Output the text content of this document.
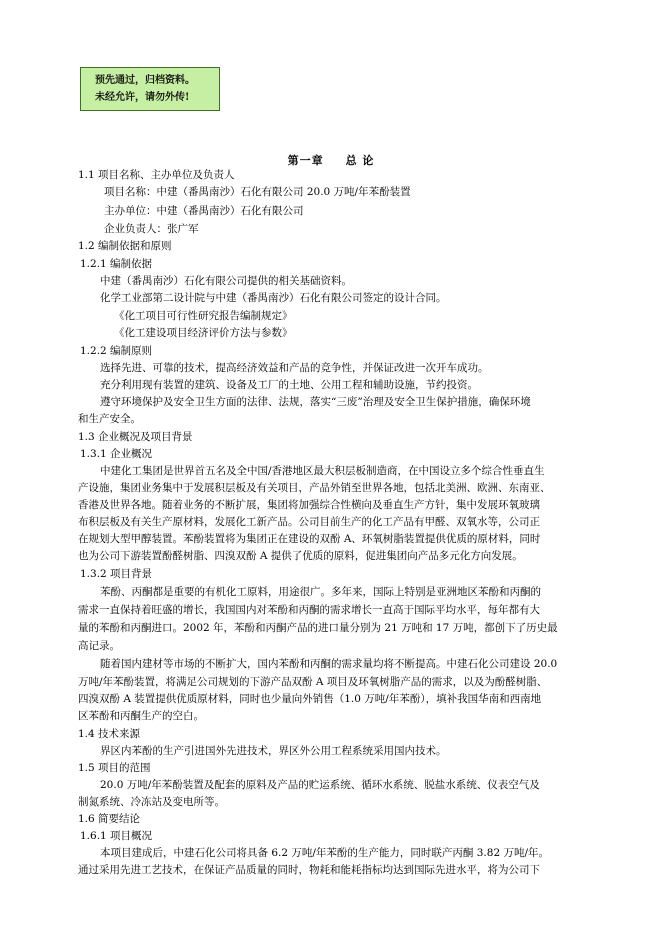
预先通过，归档资料。
未经允许，请勿外传!
第一章 总 论
1.1 项目名称、主办单位及负责人
项目名称：中建（番禺南沙）石化有限公司 20.0 万吨/年苯酚装置
主办单位：中建（番禺南沙）石化有限公司
企业负责人：张广军
1.2 编制依据和原则
1.2.1 编制依据
中建（番禺南沙）石化有限公司提供的相关基础资料。
化学工业部第二设计院与中建（番禺南沙）石化有限公司签定的设计合同。
《化工项目可行性研究报告编制规定》
《化工建设项目经济评价方法与参数》
1.2.2 编制原则
选择先进、可靠的技术，提高经济效益和产品的竞争性，并保证改进一次开车成功。
充分利用现有装置的建筑、设备及工厂的土地、公用工程和辅助设施，节约投资。
遵守环境保护及安全卫生方面的法律、法规，落实“三废”治理及安全卫生保护措施，确保环境
和生产安全。
1.3 企业概况及项目背景
1.3.1 企业概况
中建化工集团是世界首五名及全中国/香港地区最大积层板制造商，在中国设立多个综合性垂直生
产设施，集团业务集中于发展积层板及有关项目，产品外销至世界各地，包括北美洲、欧洲、东南亚、
香港及世界各地。随着业务的不断扩展，集团将加强综合性横向及垂直生产方针，集中发展环氧玻璃
布积层板及有关生产原材料，发展化工新产品。公司目前生产的化工产品有甲醛、双氧水等，公司正
在规划大型甲醇装置。苯酚装置将为集团正在建设的双酚 A、环氧树脂装置提供优质的原材料，同时
也为公司下游装置酚醛树脂、四溴双酚 A 提供了优质的原料，促进集团向产品多元化方向发展。
1.3.2 项目背景
苯酚、丙酮都是重要的有机化工原料，用途很广。多年来，国际上特别是亚洲地区苯酚和丙酮的
需求一直保持着旺盛的增长，我国国内对苯酚和丙酮的需求增长一直高于国际平均水平，每年都有大
量的苯酚和丙酮进口。2002 年，苯酚和丙酮产品的进口量分别为 21 万吨和 17 万吨，都创下了历史最
高记录。
随着国内建材等市场的不断扩大，国内苯酚和丙酮的需求量均将不断提高。中建石化公司建设 20.0
万吨/年苯酚装置，将满足公司规划的下游产品双酚 A 项目及环氧树脂产品的需求，以及为酚醛树脂、
四溴双酚 A 装置提供优质原材料，同时也少量向外销售（1.0 万吨/年苯酚），填补我国华南和西南地
区苯酚和丙酮生产的空白。
1.4 技术来源
界区内苯酚的生产引进国外先进技术，界区外公用工程系统采用国内技术。
1.5 项目的范围
20.0 万吨/年苯酚装置及配套的原料及产品的贮运系统、循环水系统、脱盐水系统、仪表空气及
制氮系统、冷冻站及变电所等。
1.6 简要结论
1.6.1 项目概况
本项目建成后，中建石化公司将具备 6.2 万吨/年苯酚的生产能力，同时联产丙酮 3.82 万吨/年。
通过采用先进工艺技术，在保证产品质量的同时，物耗和能耗指标均达到国际先进水平，将为公司下
